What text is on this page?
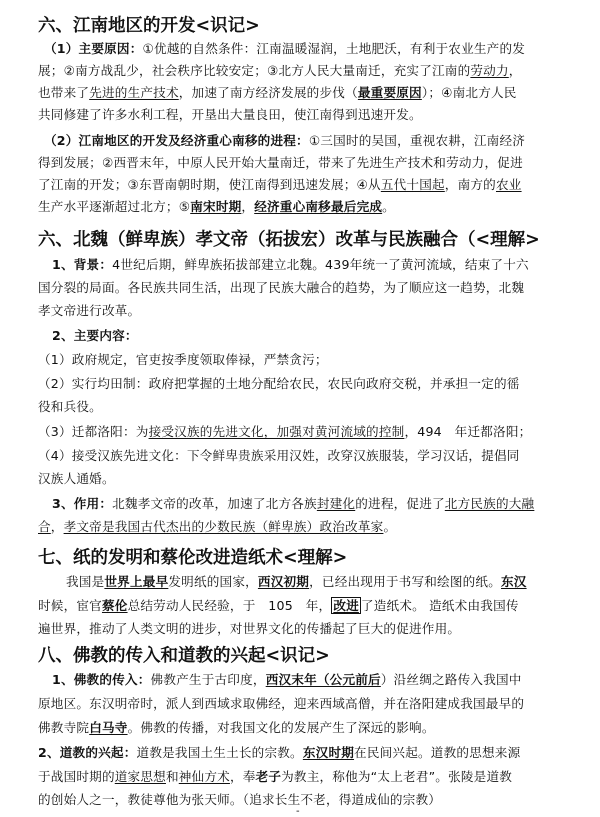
六、江南地区的开发<识记>
（1）主要原因：①优越的自然条件：江南温暖湿润，土地肥沃，有利于农业生产的发
展；②南方战乱少，社会秩序比较安定；③北方人民大量南迁，充实了江南的劳动力，
也带来了先进的生产技术，加速了南方经济发展的步伐（最重要原因）；④南北方人民
共同修建了许多水利工程，开垦出大量良田，使江南得到迅速开发。
（2）江南地区的开发及经济重心南移的进程：①三国时的吴国，重视农耕，江南经济
得到发展；②西晋末年，中原人民开始大量南迁，带来了先进生产技术和劳动力，促进
了江南的开发；③东晋南朝时期，使江南得到迅速发展；④从五代十国起，南方的农业
生产水平逐渐超过北方；⑤南宋时期，经济重心南移最后完成。
六、北魏（鲜卑族）孝文帝（拓拔宏）改革与民族融合（<理解>
1、背景：4世纪后期，鲜卑族拓拔部建立北魏。439年统一了黄河流域，结束了十六
国分裂的局面。各民族共同生活，出现了民族大融合的趋势，为了顺应这一趋势，北魏
孝文帝进行改革。
2、主要内容：
（1）政府规定，官吏按季度领取俸禄，严禁贪污；
（2）实行均田制：政府把掌握的土地分配给农民，农民向政府交税，并承担一定的徭
役和兵役。
（3）迁都洛阳：为接受汉族的先进文化，加强对黄河流域的控制，494　年迁都洛阳；
（4）接受汉族先进文化：下令鲜卑贵族采用汉姓，改穿汉族服装，学习汉话，提倡同
汉族人通婚。
3、作用：北魏孝文帝的改革，加速了北方各族封建化的进程，促进了北方民族的大融
合，孝文帝是我国古代杰出的少数民族（鲜卑族）政治改革家。
七、纸的发明和蔡伦改进造纸术<理解>
我国是世界上最早发明纸的国家，西汉初期，已经出现用于书写和绘图的纸。东汉
时候，宦官蔡伦总结劳动人民经验，于　105　年， 改进 了造纸术。 造纸术由我国传
遍世界，推动了人类文明的进步，对世界文化的传播起了巨大的促进作用。
八、佛教的传入和道教的兴起<识记>
1、佛教的传入：佛教产生于古印度，西汉末年（公元前后）沿丝绸之路传入我国中
原地区。东汉明帝时，派人到西域求取佛经，迎来西域高僧，并在洛阳建成我国最早的
佛教寺院白马寺。佛教的传播，对我国文化的发展产生了深远的影响。
2、道教的兴起：道教是我国土生土长的宗教。东汉时期在民间兴起。道教的思想来源
于战国时期的道家思想和神仙方术，奉老子为教主，称他为“太上老君”。张陵是道教
的创始人之一，教徒尊他为张天师。（追求长生不老，得道成仙的宗教）
-
